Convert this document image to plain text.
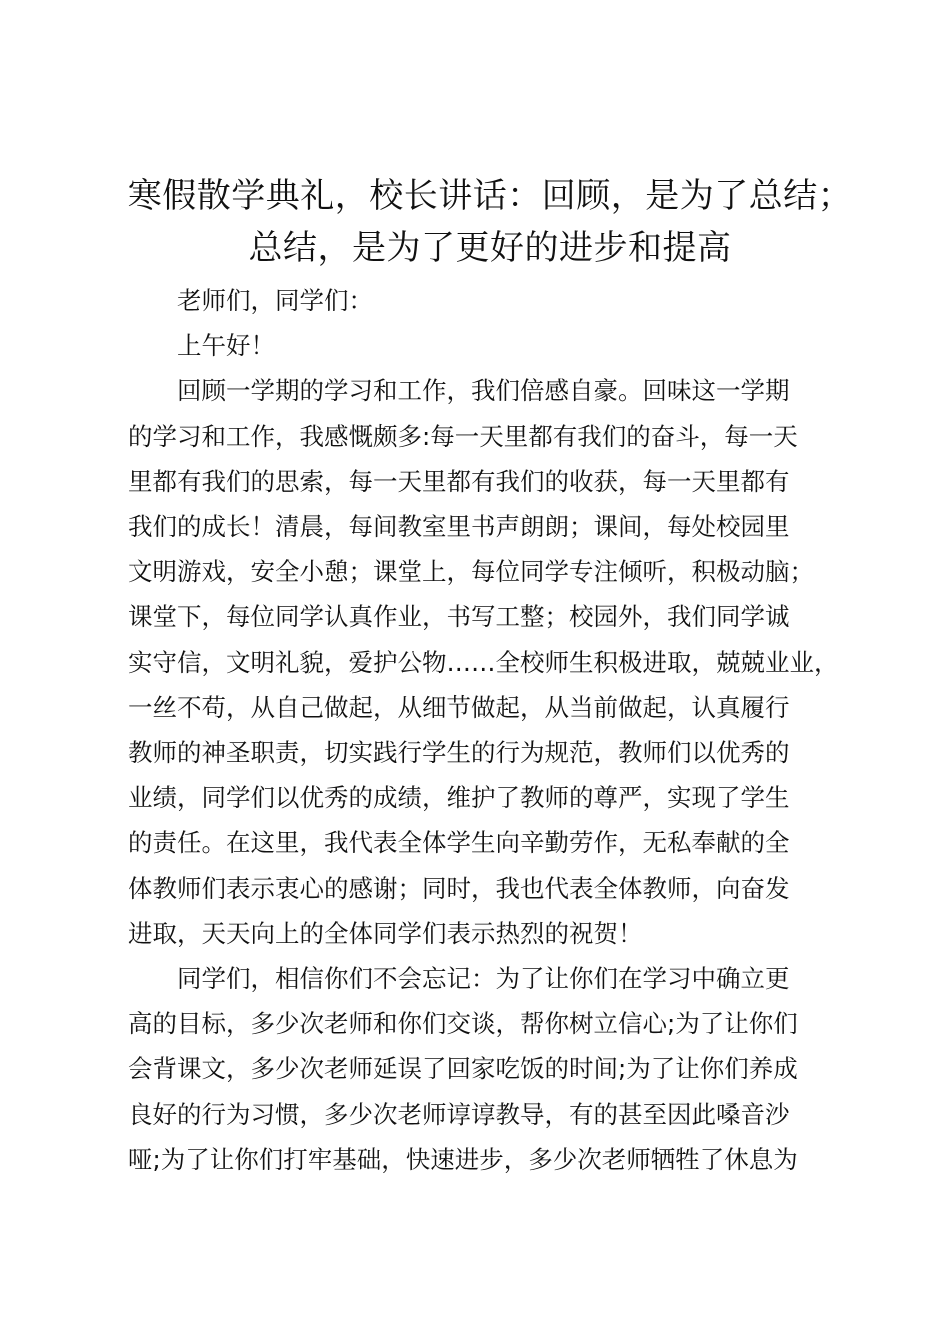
寒假散学典礼，校长讲话：回顾，是为了总结；
总结，是为了更好的进步和提高

老师们，同学们：

上午好！

回顾一学期的学习和工作，我们倍感自豪。回味这一学期
的学习和工作，我感慨颇多:每一天里都有我们的奋斗，每一天
里都有我们的思索，每一天里都有我们的收获，每一天里都有
我们的成长！清晨，每间教室里书声朗朗；课间，每处校园里
文明游戏，安全小憩；课堂上，每位同学专注倾听，积极动脑；
课堂下，每位同学认真作业，书写工整；校园外，我们同学诚
实守信，文明礼貌，爱护公物……全校师生积极进取，兢兢业业，
一丝不苟，从自己做起，从细节做起，从当前做起，认真履行
教师的神圣职责，切实践行学生的行为规范，教师们以优秀的
业绩，同学们以优秀的成绩，维护了教师的尊严，实现了学生
的责任。在这里，我代表全体学生向辛勤劳作，无私奉献的全
体教师们表示衷心的感谢；同时，我也代表全体教师，向奋发
进取，天天向上的全体同学们表示热烈的祝贺！

同学们，相信你们不会忘记：为了让你们在学习中确立更
高的目标，多少次老师和你们交谈，帮你树立信心;为了让你们
会背课文，多少次老师延误了回家吃饭的时间;为了让你们养成
良好的行为习惯，多少次老师谆谆教导，有的甚至因此嗓音沙
哑;为了让你们打牢基础，快速进步，多少次老师牺牲了休息为
